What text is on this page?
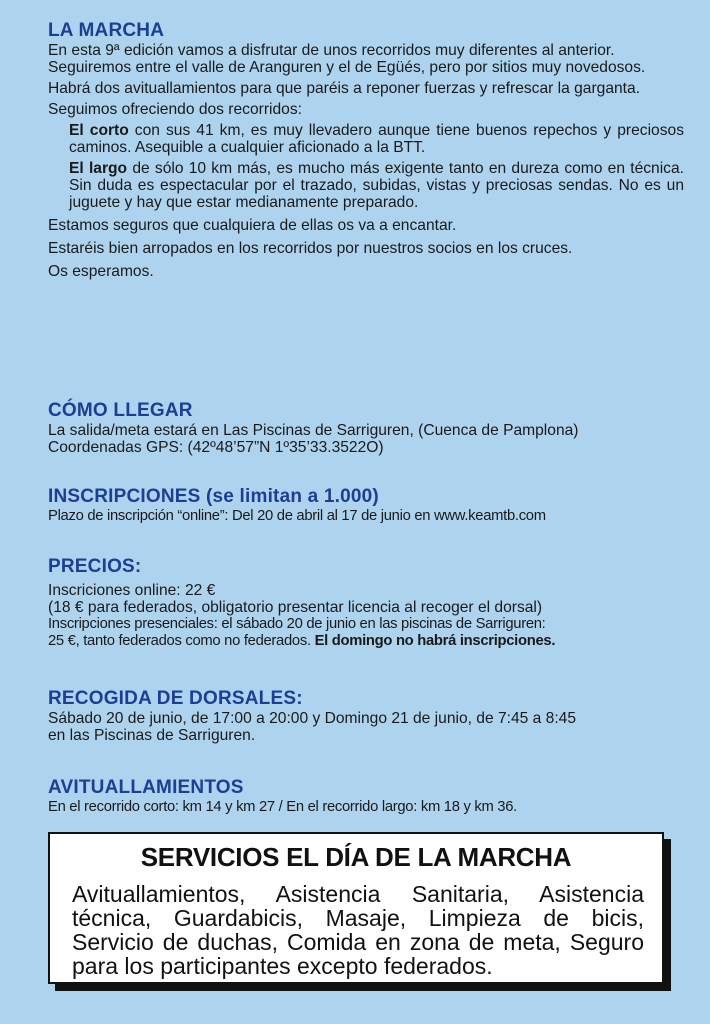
LA MARCHA

En esta 9ª edición vamos a disfrutar de unos recorridos muy diferentes al anterior. Seguiremos entre el valle de Aranguren y el de Egüés, pero por sitios muy novedosos.

Habrá dos avituallamientos para que paréis a reponer fuerzas y refrescar la garganta.

Seguimos ofreciendo dos recorridos:

El corto con sus 41 km, es muy llevadero aunque tiene buenos repechos y preciosos caminos. Asequible a cualquier aficionado a la BTT.

El largo de sólo 10 km más, es mucho más exigente tanto en dureza como en técnica. Sin duda es espectacular por el trazado, subidas, vistas y preciosas sendas. No es un juguete y hay que estar medianamente preparado.

Estamos seguros que cualquiera de ellas os va a encantar.

Estaréis bien arropados en los recorridos por nuestros socios en los cruces.

Os esperamos.

CÓMO LLEGAR

La salida/meta estará en Las Piscinas de Sarriguren, (Cuenca de Pamplona)

Coordenadas GPS: (42º48’57”N 1º35’33.3522O)

INSCRIPCIONES (se limitan a 1.000)

Plazo de inscripción “online”: Del 20 de abril al 17 de junio en www.keamtb.com

PRECIOS:

Inscriciones online: 22 €

(18 € para federados, obligatorio presentar licencia al recoger el dorsal)

Inscripciones presenciales: el sábado 20 de junio en las piscinas de Sarriguren:

25 €, tanto federados como no federados. El domingo no habrá inscripciones.

RECOGIDA DE DORSALES:

Sábado 20 de junio, de 17:00 a 20:00 y Domingo 21 de junio, de 7:45 a 8:45

en las Piscinas de Sarriguren.

AVITUALLAMIENTOS

En el recorrido corto: km 14 y km 27 / En el recorrido largo: km 18 y km 36.

SERVICIOS EL DÍA DE LA MARCHA
Avituallamientos, Asistencia Sanitaria, Asistencia técnica, Guardabicis, Masaje, Limpieza de bicis, Servicio de duchas, Comida en zona de meta, Seguro para los participantes excepto federados.
